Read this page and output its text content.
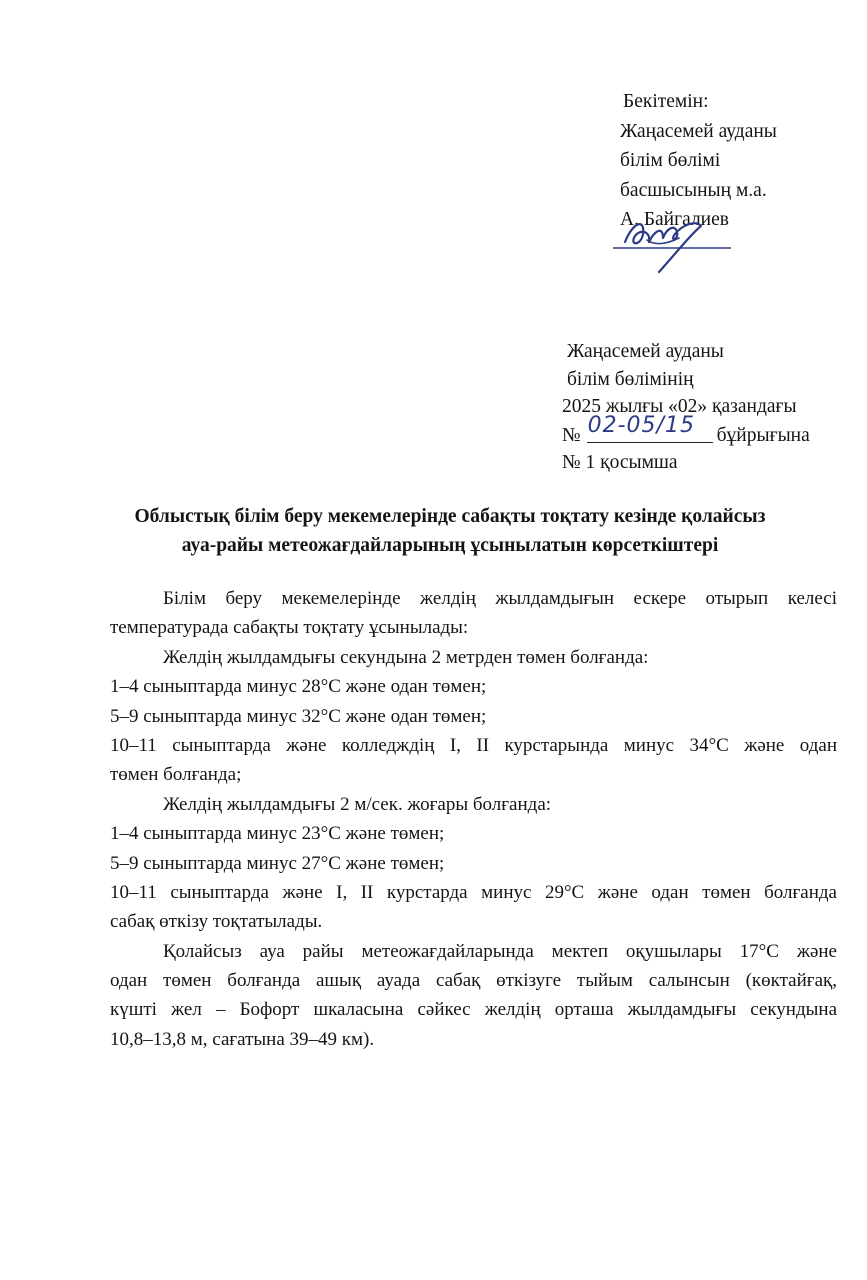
Бекітемін:
Жаңасемей ауданы
білім бөлімі
басшысының м.а.
А. Байгалиев
Жаңасемей ауданы
білім бөлімінің
2025 жылғы «02» қазандағы
№ 02-05/15 бұйрығына
№ 1 қосымша
Облыстық білім беру мекемелерінде сабақты тоқтату кезінде қолайсыз
ауа-райы метеожағдайларының ұсынылатын көрсеткіштері
Білім беру мекемелерінде желдің жылдамдығын ескере отырып келесі
температурада сабақты тоқтату ұсынылады:
Желдің жылдамдығы секундына 2 метрден төмен болғанда:
1–4 сыныптарда минус 28°С және одан төмен;
5–9 сыныптарда минус 32°С және одан төмен;
10–11 сыныптарда және колледждің I, II курстарында минус 34°С және одан
төмен болғанда;
Желдің жылдамдығы 2 м/сек. жоғары болғанда:
1–4 сыныптарда минус 23°С және төмен;
5–9 сыныптарда минус 27°С және төмен;
10–11 сыныптарда және I, II курстарда минус 29°С және одан төмен болғанда
сабақ өткізу тоқтатылады.
Қолайсыз ауа райы метеожағдайларында мектеп оқушылары 17°С және
одан төмен болғанда ашық ауада сабақ өткізуге тыйым салынсын (көктайғақ,
күшті жел – Бофорт шкаласына сәйкес желдің орташа жылдамдығы секундына
10,8–13,8 м, сағатына 39–49 км).
